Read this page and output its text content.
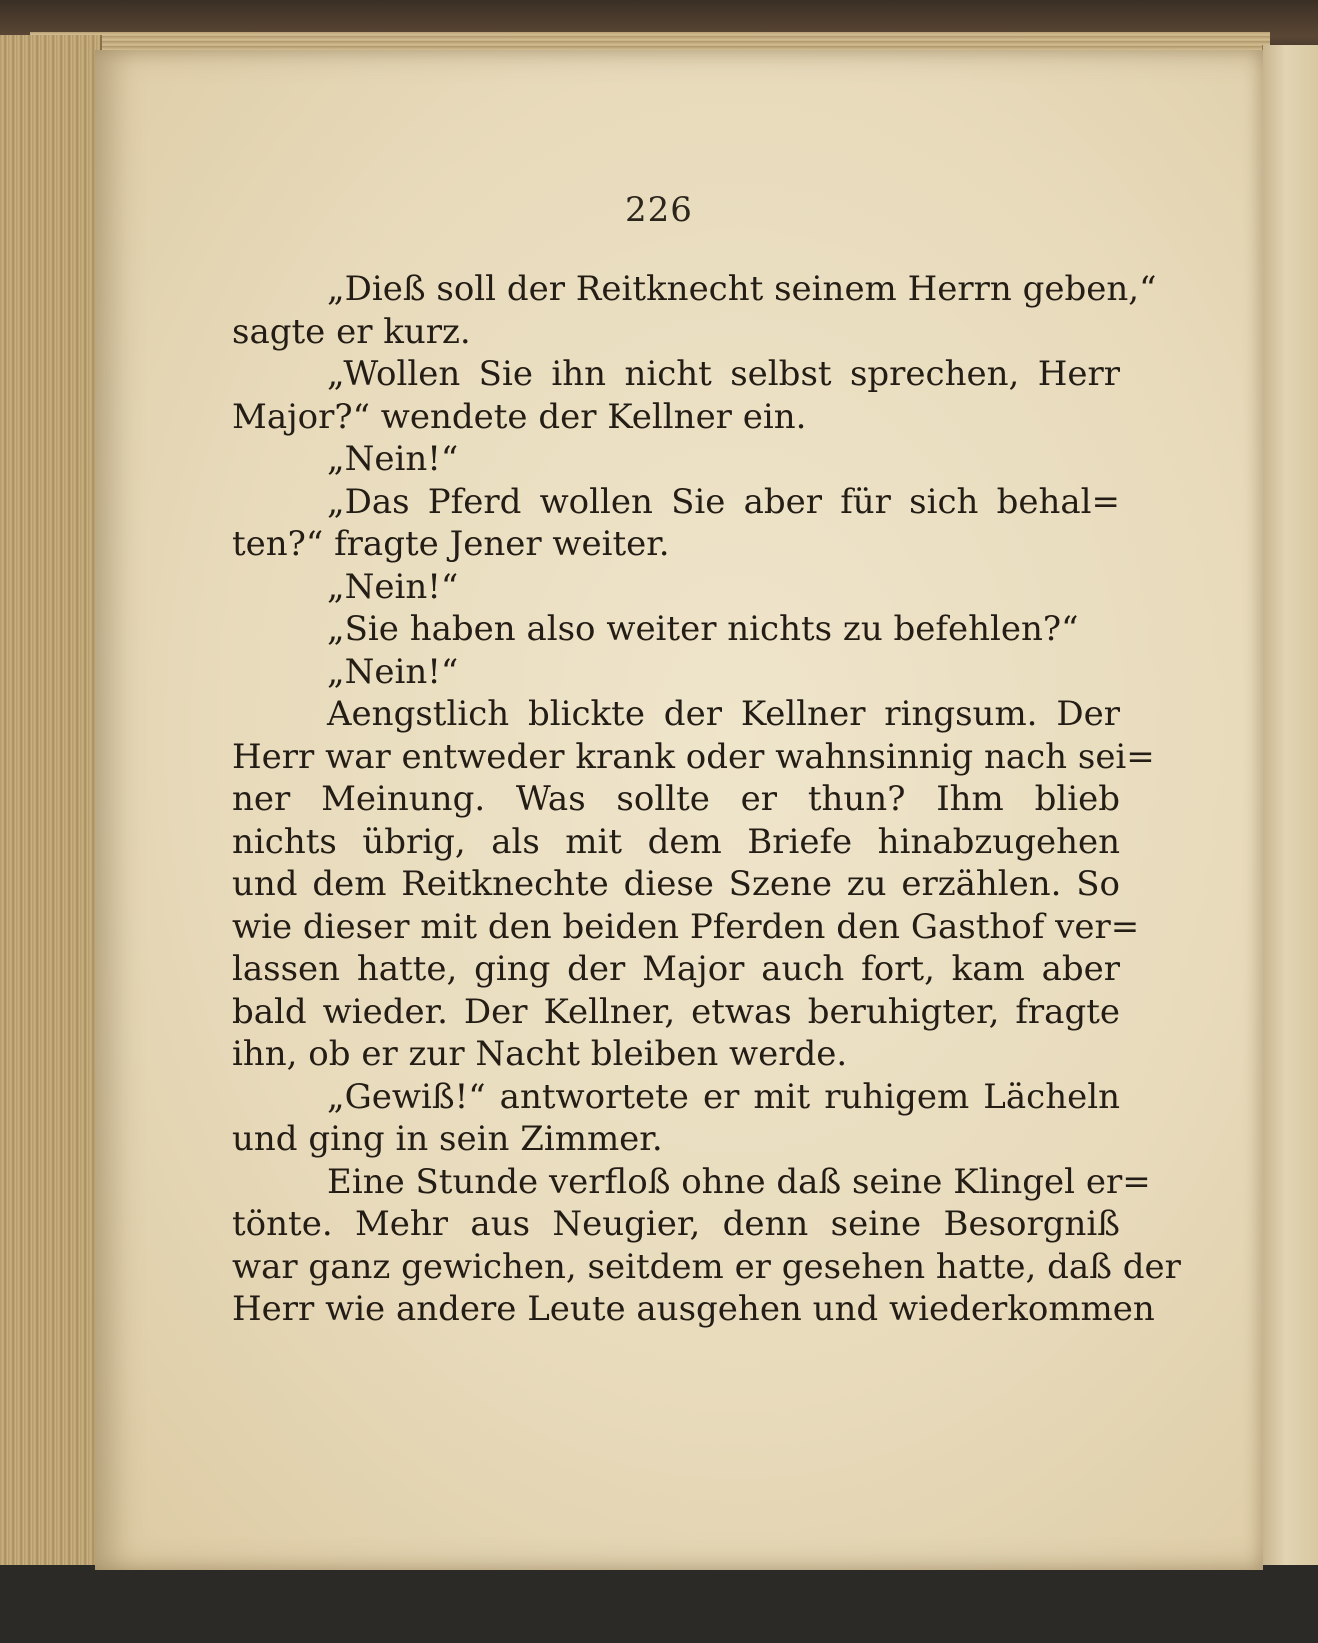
226
„Dieß soll der Reitknecht seinem Herrn geben,“
sagte er kurz.
„Wollen Sie ihn nicht selbst sprechen, Herr
Major?“ wendete der Kellner ein.
„Nein!“
„Das Pferd wollen Sie aber für sich behal=
ten?“ fragte Jener weiter.
„Nein!“
„Sie haben also weiter nichts zu befehlen?“
„Nein!“
Aengstlich blickte der Kellner ringsum. Der
Herr war entweder krank oder wahnsinnig nach sei=
ner Meinung. Was sollte er thun? Ihm blieb
nichts übrig, als mit dem Briefe hinabzugehen
und dem Reitknechte diese Szene zu erzählen. So
wie dieser mit den beiden Pferden den Gasthof ver=
lassen hatte, ging der Major auch fort, kam aber
bald wieder. Der Kellner, etwas beruhigter, fragte
ihn, ob er zur Nacht bleiben werde.
„Gewiß!“ antwortete er mit ruhigem Lächeln
und ging in sein Zimmer.
Eine Stunde verfloß ohne daß seine Klingel er=
tönte. Mehr aus Neugier, denn seine Besorgniß
war ganz gewichen, seitdem er gesehen hatte, daß der
Herr wie andere Leute ausgehen und wiederkommen
